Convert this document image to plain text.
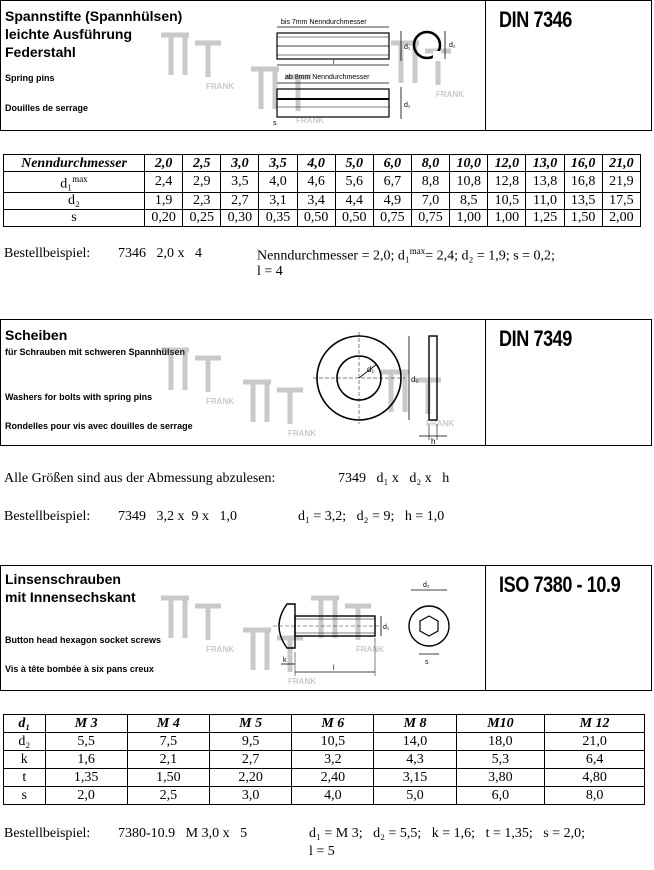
Spannstifte (Spannhülsen)
leichte Ausführung
Federstahl
Spring pins
Douilles de serrage
FRANK
FRANK
FRANK
bis 7mm Nenndurchmesser
d₁	d₂
l
ab 8mm Nenndurchmesser
d₁
s
DIN 7346
Nenndurchmesser	2,0	2,5	3,0	3,5	4,0	5,0	6,0	8,0	10,0	12,0	13,0	16,0	21,0
d₁$^{max}$	2,4	2,9	3,5	4,0	4,6	5,6	6,7	8,8	10,8	12,8	13,8	16,8	21,9
d₂	1,9	2,3	2,7	3,1	3,4	4,4	4,9	7,0	8,5	10,5	11,0	13,5	17,5
s	0,20	0,25	0,30	0,35	0,50	0,50	0,75	0,75	1,00	1,00	1,25	1,50	2,00
Bestellbeispiel: 7346   2,0 x   4	Nenndurchmesser = 2,0; d₁$^{max}$= 2,4; d₂ = 1,9; s = 0,2;
l = 4
Scheiben
für Schrauben mit schweren Spannhülsen
Washers for bolts with spring pins
Rondelles pour vis avec douilles de serrage
FRANK
FRANK
FRANK
d₁
d₂
h
DIN 7349
Alle Größen sind aus der Abmessung abzulesen:	7349   d₁ x   d₂ x   h
Bestellbeispiel: 7349   3,2 x  9 x   1,0	d₁ = 3,2;   d₂ = 9;   h = 1,0
Linsenschrauben
mit Innensechskant
Button head hexagon socket screws
Vis à tête bombée à six pans creux
FRANK
FRANK
FRANK
d₁
l
k
d₂
s
ISO 7380 - 10.9
d₁	M 3	M 4	M 5	M 6	M 8	M10	M 12
d₂	5,5	7,5	9,5	10,5	14,0	18,0	21,0
k	1,6	2,1	2,7	3,2	4,3	5,3	6,4
t	1,35	1,50	2,20	2,40	3,15	3,80	4,80
s	2,0	2,5	3,0	4,0	5,0	6,0	8,0
Bestellbeispiel: 7380-10.9   M 3,0 x   5	d₁ = M 3;   d₂ = 5,5;   k = 1,6;   t = 1,35;   s = 2,0;
l = 5
